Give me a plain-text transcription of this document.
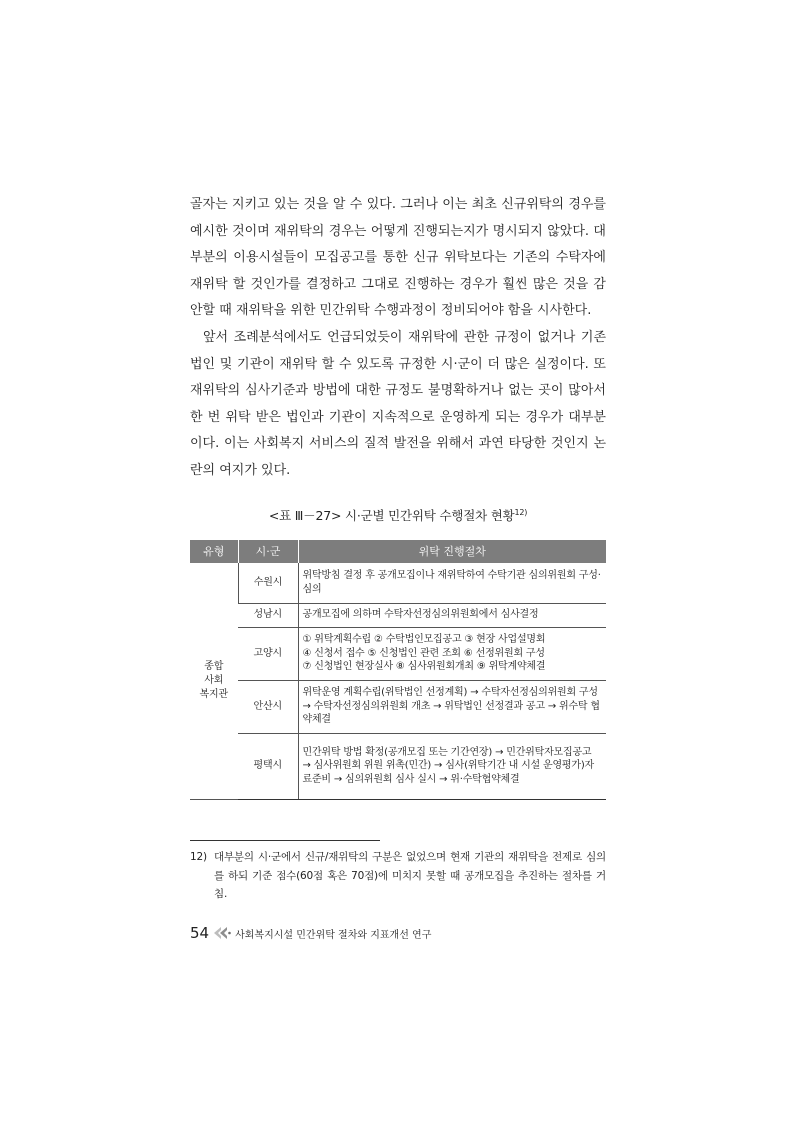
골자는 지키고 있는 것을 알 수 있다. 그러나 이는 최초 신규위탁의 경우를 예시한 것이며 재위탁의 경우는 어떻게 진행되는지가 명시되지 않았다. 대부분의 이용시설들이 모집공고를 통한 신규 위탁보다는 기존의 수탁자에 재위탁 할 것인가를 결정하고 그대로 진행하는 경우가 훨씬 많은 것을 감안할 때 재위탁을 위한 민간위탁 수행과정이 정비되어야 함을 시사한다.

앞서 조례분석에서도 언급되었듯이 재위탁에 관한 규정이 없거나 기존 법인 및 기관이 재위탁 할 수 있도록 규정한 시·군이 더 많은 실정이다. 또 재위탁의 심사기준과 방법에 대한 규정도 불명확하거나 없는 곳이 많아서 한 번 위탁 받은 법인과 기관이 지속적으로 운영하게 되는 경우가 대부분이다. 이는 사회복지 서비스의 질적 발전을 위해서 과연 타당한 것인지 논란의 여지가 있다.

<표 Ⅲ－27> 시·군별 민간위탁 수행절차 현황$^{12)}$
유형	시·군	위탁 진행절차
종합 사회 복지관	수원시	위탁방침 결정 후 공개모집이나 재위탁하여 수탁기관 심의위원회 구성·심의
	성남시	공개모집에 의하며 수탁자선정심의위원회에서 심사결정
	고양시	① 위탁계획수립 ② 수탁법인모집공고 ③ 현장 사업설명회
④ 신청서 접수 ⑤ 신청법인 관련 조회 ⑥ 선정위원회 구성
⑦ 신청법인 현장실사 ⑧ 심사위원회개최 ⑨ 위탁계약체결

	안산시	위탁운영 계획수립(위탁법인 선정계획) → 수탁자선정심의위원회 구성 → 수탁자선정심의위원회 개초 → 위탁법인 선정결과 공고 → 위수탁 협약체결
	평택시	민간위탁 방법 확정(공개모집 또는 기간연장) → 민간위탁자모집공고 → 심사위원회 위원 위촉(민간) → 심사(위탁기간 내 시설 운영평가)자료준비 → 심의위원회 심사 실시 → 위·수탁협약체결
12) 대부분의 시·군에서 신규/재위탁의 구분은 없었으며 현재 기관의 재위탁을 전제로 심의를 하되 기준 점수(60점 혹은 70점)에 미치지 못할 때 공개모집을 추진하는 절차를 거침.
54	사회복지시설 민간위탁 절차와 지표개선 연구
